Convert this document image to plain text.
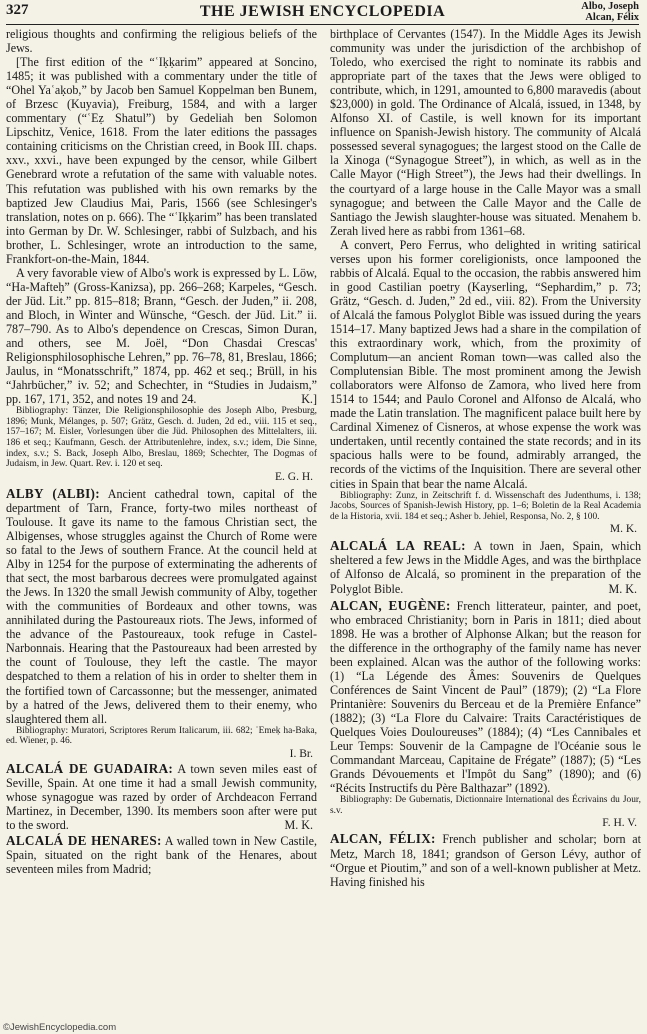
327	THE JEWISH ENCYCLOPEDIA	Albo, Joseph
Alcan, Félix

religious thoughts and confirming the religious beliefs of the Jews.

[The first edition of the “ʿIḳḳarim” appeared at Soncino, 1485; it was published with a commentary under the title of “Ohel Yaʿaḳob,” by Jacob ben Samuel Koppelman ben Bunem, of Brzesc (Kuyavia), Freiburg, 1584, and with a larger commentary (“ʿEẓ Shatul”) by Gedeliah ben Solomon Lipschitz, Venice, 1618. From the later editions the passages containing criticisms on the Christian creed, in Book III. chaps. xxv., xxvi., have been expunged by the censor, while Gilbert Genebrard wrote a refutation of the same with valuable notes. This refutation was published with his own remarks by the baptized Jew Claudius Mai, Paris, 1566 (see Schlesinger's translation, notes on p. 666). The “ʿIḳḳarim” has been translated into German by Dr. W. Schlesinger, rabbi of Sulzbach, and his brother, L. Schlesinger, wrote an introduction to the same, Frankfort-on-the-Main, 1844.

A very favorable view of Albo's work is expressed by L. Löw, “Ha-Mafteḥ” (Gross-Kanizsa), pp. 266–268; Karpeles, “Gesch. der Jüd. Lit.” pp. 815–818; Brann, “Gesch. der Juden,” ii. 208, and Bloch, in Winter and Wünsche, “Gesch. der Jüd. Lit.” ii. 787–790. As to Albo's dependence on Crescas, Simon Duran, and others, see M. Joël, “Don Chasdai Crescas' Religionsphilosophische Lehren,” pp. 76–78, 81, Breslau, 1866; Jaulus, in “Monatsschrift,” 1874, pp. 462 et seq.; Brüll, in his “Jahrbücher,” iv. 52; and Schechter, in “Studies in Judaism,” pp. 167, 171, 352, and notes 19 and 24.	K.]

Bibliography: Tänzer, Die Religionsphilosophie des Joseph Albo, Presburg, 1896; Munk, Mélanges, p. 507; Grätz, Gesch. d. Juden, 2d ed., viii. 115 et seq., 157–167; M. Eisler, Vorlesungen über die Jüd. Philosophen des Mittelalters, iii. 186 et seq.; Kaufmann, Gesch. der Attributenlehre, index, s.v.; idem, Die Sinne, index, s.v.; S. Back, Joseph Albo, Breslau, 1869; Schechter, The Dogmas of Judaism, in Jew. Quart. Rev. i. 120 et seq.

E. G. H.

ALBY (ALBI): Ancient cathedral town, capital of the department of Tarn, France, forty-two miles northeast of Toulouse. It gave its name to the famous Christian sect, the Albigenses, whose struggles against the Church of Rome were so fatal to the Jews of southern France. At the council held at Alby in 1254 for the purpose of exterminating the adherents of that sect, the most barbarous decrees were promulgated against the Jews. In 1320 the small Jewish community of Alby, together with the communities of Bordeaux and other towns, was annihilated during the Pastoureaux riots. The Jews, informed of the advance of the Pastoureaux, took refuge in Castel-Narbonnais. Hearing that the Pastoureaux had been arrested by the count of Toulouse, they left the castle. The mayor despatched to them a relation of his in order to shelter them in the fortified town of Carcassonne; but the messenger, animated by a hatred of the Jews, delivered them to their enemy, who slaughtered them all.

Bibliography: Muratori, Scriptores Rerum Italicarum, iii. 682; ʿEmeḳ ha-Baka, ed. Wiener, p. 46.

I. Br.

ALCALÁ DE GUADAIRA: A town seven miles east of Seville, Spain. At one time it had a small Jewish community, whose synagogue was razed by order of Archdeacon Ferrand Martinez, in December, 1390. Its members soon after were put to the sword.	M. K.

ALCALÁ DE HENARES: A walled town in New Castile, Spain, situated on the right bank of the Henares, about seventeen miles from Madrid;

birthplace of Cervantes (1547). In the Middle Ages its Jewish community was under the jurisdiction of the archbishop of Toledo, who exercised the right to nominate its rabbis and appropriate part of the taxes that the Jews were obliged to contribute, which, in 1291, amounted to 6,800 maravedis (about $23,000) in gold. The Ordinance of Alcalá, issued, in 1348, by Alfonso XI. of Castile, is well known for its important influence on Spanish-Jewish history. The community of Alcalá possessed several synagogues; the largest stood on the Calle de la Xinoga (“Synagogue Street”), in which, as well as in the Calle Mayor (“High Street”), the Jews had their dwellings. In the courtyard of a large house in the Calle Mayor was a small synagogue; and between the Calle Mayor and the Calle de Santiago the Jewish slaughter-house was situated. Menahem b. Zerah lived here as rabbi from 1361–68.

A convert, Pero Ferrus, who delighted in writing satirical verses upon his former coreligionists, once lampooned the rabbis of Alcalá. Equal to the occasion, the rabbis answered him in good Castilian poetry (Kayserling, “Sephardim,” p. 73; Grätz, “Gesch. d. Juden,” 2d ed., viii. 82). From the University of Alcalá the famous Polyglot Bible was issued during the years 1514–17. Many baptized Jews had a share in the compilation of this extraordinary work, which, from the proximity of Complutum—an ancient Roman town—was called also the Complutensian Bible. The most prominent among the Jewish collaborators were Alfonso de Zamora, who lived here from 1514 to 1544; and Paulo Coronel and Alfonso de Alcalá, who made the Latin translation. The magnificent palace built here by Cardinal Ximenez of Cisneros, at whose expense the work was undertaken, until recently contained the state records; and in its spacious halls were to be found, admirably arranged, the records of the victims of the Inquisition. There are several other cities in Spain that bear the name Alcalá.

Bibliography: Zunz, in Zeitschrift f. d. Wissenschaft des Judenthums, i. 138; Jacobs, Sources of Spanish-Jewish History, pp. 1–6; Boletin de la Real Academia de la Historia, xvii. 184 et seq.; Asher b. Jehiel, Responsa, No. 2, § 100.

M. K.

ALCALÁ LA REAL: A town in Jaen, Spain, which sheltered a few Jews in the Middle Ages, and was the birthplace of Alfonso de Alcalá, so prominent in the preparation of the Polyglot Bible.	M. K.

ALCAN, EUGÈNE: French litterateur, painter, and poet, who embraced Christianity; born in Paris in 1811; died about 1898. He was a brother of Alphonse Alkan; but the reason for the difference in the orthography of the family name has never been explained. Alcan was the author of the following works: (1) “La Légende des Âmes: Souvenirs de Quelques Conférences de Saint Vincent de Paul” (1879); (2) “La Flore Printanière: Souvenirs du Berceau et de la Première Enfance” (1882); (3) “La Flore du Calvaire: Traits Caractéristiques de Quelques Voies Douloureuses” (1884); (4) “Les Cannibales et Leur Temps: Souvenir de la Campagne de l'Océanie sous le Commandant Marceau, Capitaine de Frégate” (1887); (5) “Les Grands Dévouements et l'Impôt du Sang” (1890); and (6) “Récits Instructifs du Père Balthazar” (1892).

Bibliography: De Gubernatis, Dictionnaire International des Écrivains du Jour, s.v.

F. H. V.

ALCAN, FÉLIX: French publisher and scholar; born at Metz, March 18, 1841; grandson of Gerson Lévy, author of “Orgue et Pioutim,” and son of a well-known publisher at Metz. Having finished his

©JewishEncyclopedia.com
